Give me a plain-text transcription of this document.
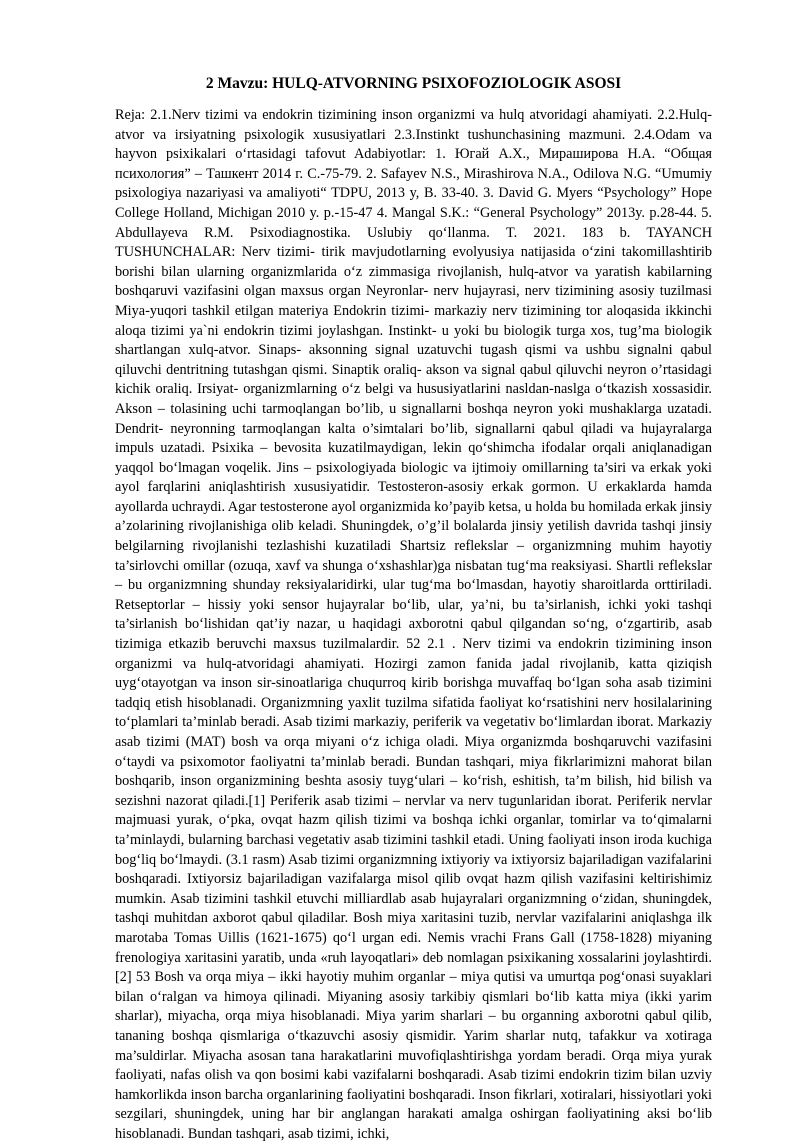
2 Mavzu: HULQ-ATVORNING PSIXOFOZIOLOGIK ASOSI

Reja: 2.1.Nerv tizimi va endokrin tizimining inson organizmi va hulq atvoridagi ahamiyati. 2.2.Hulq-atvor va irsiyatning psixologik xususiyatlari 2.3.Instinkt tushunchasining mazmuni. 2.4.Odam va hayvon psixikalari oʻrtasidagi tafovut Adabiyotlar: 1. Югай А.Х., Мирашировa Н.А. “Общая психология” – Ташкент 2014 г. С.-75-79. 2. Safayev N.S., Mirashirova N.A., Odilova N.G. “Umumiy psixologiya nazariyasi va amaliyoti“ TDPU, 2013 y, B. 33-40. 3. David G. Myers “Psychology” Hope College Holland, Michigan 2010 y. p.-15-47 4. Mangal S.K.: “General Psychology” 2013y. p.28-44. 5. Abdullayeva R.M. Psixodiagnostika. Uslubiy qoʻllanma. T. 2021. 183 b. TAYANCH TUSHUNCHALAR: Nerv tizimi- tirik mavjudotlarning evolyusiya natijasida oʻzini takomillashtirib borishi bilan ularning organizmlarida oʻz zimmasiga rivojlanish, hulq-atvor va yaratish kabilarning boshqaruvi vazifasini olgan maxsus organ Neyronlar- nerv hujayrasi, nerv tizimining asosiy tuzilmasi Miya-yuqori tashkil etilgan materiya Endokrin tizimi- markaziy nerv tizimining tor aloqasida ikkinchi aloqa tizimi ya`ni endokrin tizimi joylashgan. Instinkt- u yoki bu biologik turga xos, tug’ma biologik shartlangan xulq-atvor. Sinaps- aksonning signal uzatuvchi tugash qismi va ushbu signalni qabul qiluvchi dentritning tutashgan qismi. Sinaptik oraliq- akson va signal qabul qiluvchi neyron o’rtasidagi kichik oraliq. Irsiyat- organizmlarning oʻz belgi va hususiyatlarini nasldan-naslga oʻtkazish xossasidir. Akson – tolasining uchi tarmoqlangan bo’lib, u signallarni boshqa neyron yoki mushaklarga uzatadi. Dendrit- neyronning tarmoqlangan kalta o’simtalari bo’lib, signallarni qabul qiladi va hujayralarga impuls uzatadi. Psixika – bevosita kuzatilmaydigan, lekin qoʻshimcha ifodalar orqali aniqlanadigan yaqqol boʻlmagan voqelik. Jins – psixologiyada biologic va ijtimoiy omillarning ta’siri va erkak yoki ayol farqlarini aniqlashtirish xususiyatidir. Testosteron-asosiy erkak gormon. U erkaklarda hamda ayollarda uchraydi. Agar testosterone ayol organizmida ko’payib ketsa, u holda bu homilada erkak jinsiy a’zolarining rivojlanishiga olib keladi. Shuningdek, o’g’il bolalarda jinsiy yetilish davrida tashqi jinsiy belgilarning rivojlanishi tezlashishi kuzatiladi Shartsiz reflekslar – organizmning muhim hayotiy ta’sirlovchi omillar (ozuqa, xavf va shunga oʻxshashlar)ga nisbatan tugʻma reaksiyasi. Shartli reflekslar – bu organizmning shunday reksiyalaridirki, ular tugʻma boʻlmasdan, hayotiy sharoitlarda orttiriladi. Retseptorlar – hissiy yoki sensor hujayralar boʻlib, ular, ya’ni, bu ta’sirlanish, ichki yoki tashqi ta’sirlanish boʻlishidan qat’iy nazar, u haqidagi axborotni qabul qilgandan soʻng, oʻzgartirib, asab tizimiga etkazib beruvchi maxsus tuzilmalardir. 52 2.1 . Nerv tizimi va endokrin tizimining inson organizmi va hulq-atvoridagi ahamiyati. Hozirgi zamon fanida jadal rivojlanib, katta qiziqish uygʻotayotgan va inson sir-sinoatlariga chuqurroq kirib borishga muvaffaq boʻlgan soha asab tizimini tadqiq etish hisoblanadi. Organizmning yaxlit tuzilma sifatida faoliyat koʻrsatishini nerv hosilalarining toʻplamlari ta’minlab beradi. Asab tizimi markaziy, periferik va vegetativ boʻlimlardan iborat. Markaziy asab tizimi (MAT) bosh va orqa miyani oʻz ichiga oladi. Miya organizmda boshqaruvchi vazifasini oʻtaydi va psixomotor faoliyatni ta’minlab beradi. Bundan tashqari, miya fikrlarimizni mahorat bilan boshqarib, inson organizmining beshta asosiy tuygʻulari – koʻrish, eshitish, ta’m bilish, hid bilish va sezishni nazorat qiladi.[1] Periferik asab tizimi – nervlar va nerv tugunlaridan iborat. Periferik nervlar majmuasi yurak, oʻpka, ovqat hazm qilish tizimi va boshqa ichki organlar, tomirlar va toʻqimalarni ta’minlaydi, bularning barchasi vegetativ asab tizimini tashkil etadi. Uning faoliyati inson iroda kuchiga bogʻliq boʻlmaydi. (3.1 rasm) Asab tizimi organizmning ixtiyoriy va ixtiyorsiz bajariladigan vazifalarini boshqaradi. Ixtiyorsiz bajariladigan vazifalarga misol qilib ovqat hazm qilish vazifasini keltirishimiz mumkin. Asab tizimini tashkil etuvchi milliardlab asab hujayralari organizmning oʻzidan, shuningdek, tashqi muhitdan axborot qabul qiladilar. Bosh miya xaritasini tuzib, nervlar vazifalarini aniqlashga ilk marotaba Tomas Uillis (1621-1675) qoʻl urgan edi. Nemis vrachi Frans Gall (1758-1828) miyaning frenologiya xaritasini yaratib, unda «ruh layoqatlari» deb nomlagan psixikaning xossalarini joylashtirdi.[2] 53 Bosh va orqa miya – ikki hayotiy muhim organlar – miya qutisi va umurtqa pogʻonasi suyaklari bilan oʻralgan va himoya qilinadi. Miyaning asosiy tarkibiy qismlari boʻlib katta miya (ikki yarim sharlar), miyacha, orqa miya hisoblanadi. Miya yarim sharlari – bu organning axborotni qabul qilib, tananing boshqa qismlariga oʻtkazuvchi asosiy qismidir. Yarim sharlar nutq, tafakkur va xotiraga ma’suldirlar. Miyacha asosan tana harakatlarini muvofiqlashtirishga yordam beradi. Orqa miya yurak faoliyati, nafas olish va qon bosimi kabi vazifalarni boshqaradi. Asab tizimi endokrin tizim bilan uzviy hamkorlikda inson barcha organlarining faoliyatini boshqaradi. Inson fikrlari, xotiralari, hissiyotlari yoki sezgilari, shuningdek, uning har bir anglangan harakati amalga oshirgan faoliyatining aksi boʻlib hisoblanadi. Bundan tashqari, asab tizimi, ichki,
